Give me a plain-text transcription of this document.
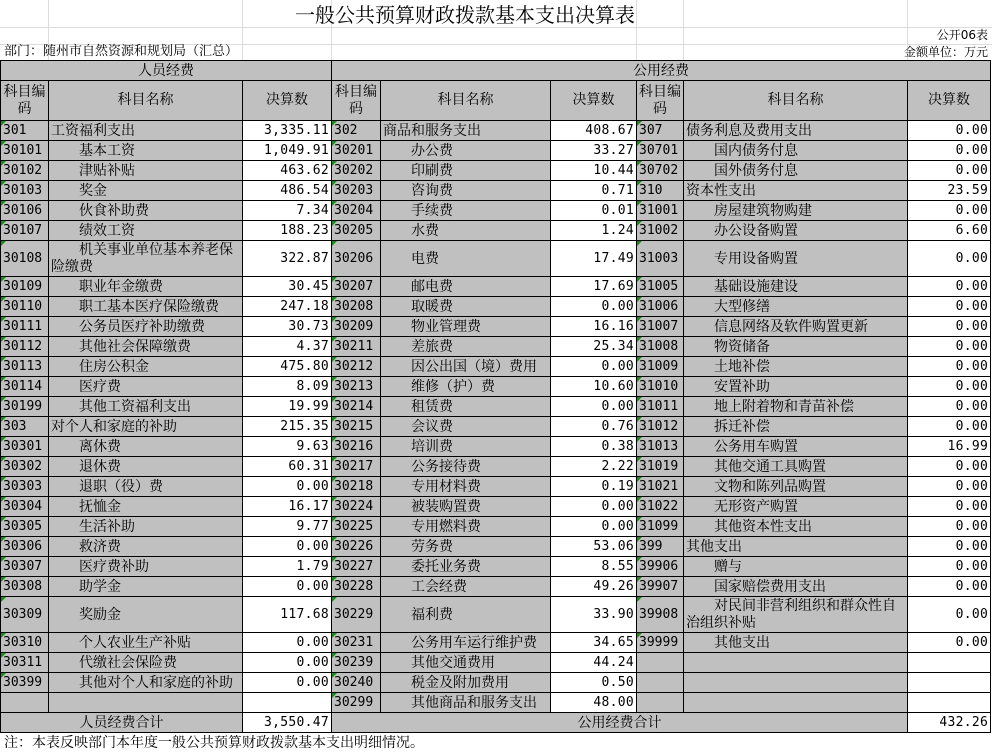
一般公共预算财政拨款基本支出决算表
公开06表
部门：随州市自然资源和规划局（汇总）	金额单位：万元
人员经费			公用经费					
科目编码	科目名称	决算数	科目编码	科目名称	决算数	科目编码	科目名称	决算数
301	工资福利支出	3,335.11	302	商品和服务支出	408.67	307	债务利息及费用支出	0.00
30101	基本工资	1,049.91	30201	办公费	33.27	30701	国内债务付息	0.00
30102	津贴补贴	463.62	30202	印刷费	10.44	30702	国外债务付息	0.00
30103	奖金	486.54	30203	咨询费	0.71	310	资本性支出	23.59
30106	伙食补助费	7.34	30204	手续费	0.01	31001	房屋建筑物购建	0.00
30107	绩效工资	188.23	30205	水费	1.24	31002	办公设备购置	6.60
30108	机关事业单位基本养老保险缴费	322.87	30206	电费	17.49	31003	专用设备购置	0.00
30109	职业年金缴费	30.45	30207	邮电费	17.69	31005	基础设施建设	0.00
30110	职工基本医疗保险缴费	247.18	30208	取暖费	0.00	31006	大型修缮	0.00
30111	公务员医疗补助缴费	30.73	30209	物业管理费	16.16	31007	信息网络及软件购置更新	0.00
30112	其他社会保障缴费	4.37	30211	差旅费	25.34	31008	物资储备	0.00
30113	住房公积金	475.80	30212	因公出国（境）费用	0.00	31009	土地补偿	0.00
30114	医疗费	8.09	30213	维修（护）费	10.60	31010	安置补助	0.00
30199	其他工资福利支出	19.99	30214	租赁费	0.00	31011	地上附着物和青苗补偿	0.00
303	对个人和家庭的补助	215.35	30215	会议费	0.76	31012	拆迁补偿	0.00
30301	离休费	9.63	30216	培训费	0.38	31013	公务用车购置	16.99
30302	退休费	60.31	30217	公务接待费	2.22	31019	其他交通工具购置	0.00
30303	退职（役）费	0.00	30218	专用材料费	0.19	31021	文物和陈列品购置	0.00
30304	抚恤金	16.17	30224	被装购置费	0.00	31022	无形资产购置	0.00
30305	生活补助	9.77	30225	专用燃料费	0.00	31099	其他资本性支出	0.00
30306	救济费	0.00	30226	劳务费	53.06	399	其他支出	0.00
30307	医疗费补助	1.79	30227	委托业务费	8.55	39906	赠与	0.00
30308	助学金	0.00	30228	工会经费	49.26	39907	国家赔偿费用支出	0.00
30309	奖励金	117.68	30229	福利费	33.90	39908	对民间非营利组织和群众性自治组织补贴	0.00
30310	个人农业生产补贴	0.00	30231	公务用车运行维护费	34.65	39999	其他支出	0.00
30311	代缴社会保险费	0.00	30239	其他交通费用	44.24			
30399	其他对个人和家庭的补助	0.00	30240	税金及附加费用	0.50			
			30299	其他商品和服务支出	48.00			
人员经费合计		3,550.47	公用经费合计					432.26
注：本表反映部门本年度一般公共预算财政拨款基本支出明细情况。
